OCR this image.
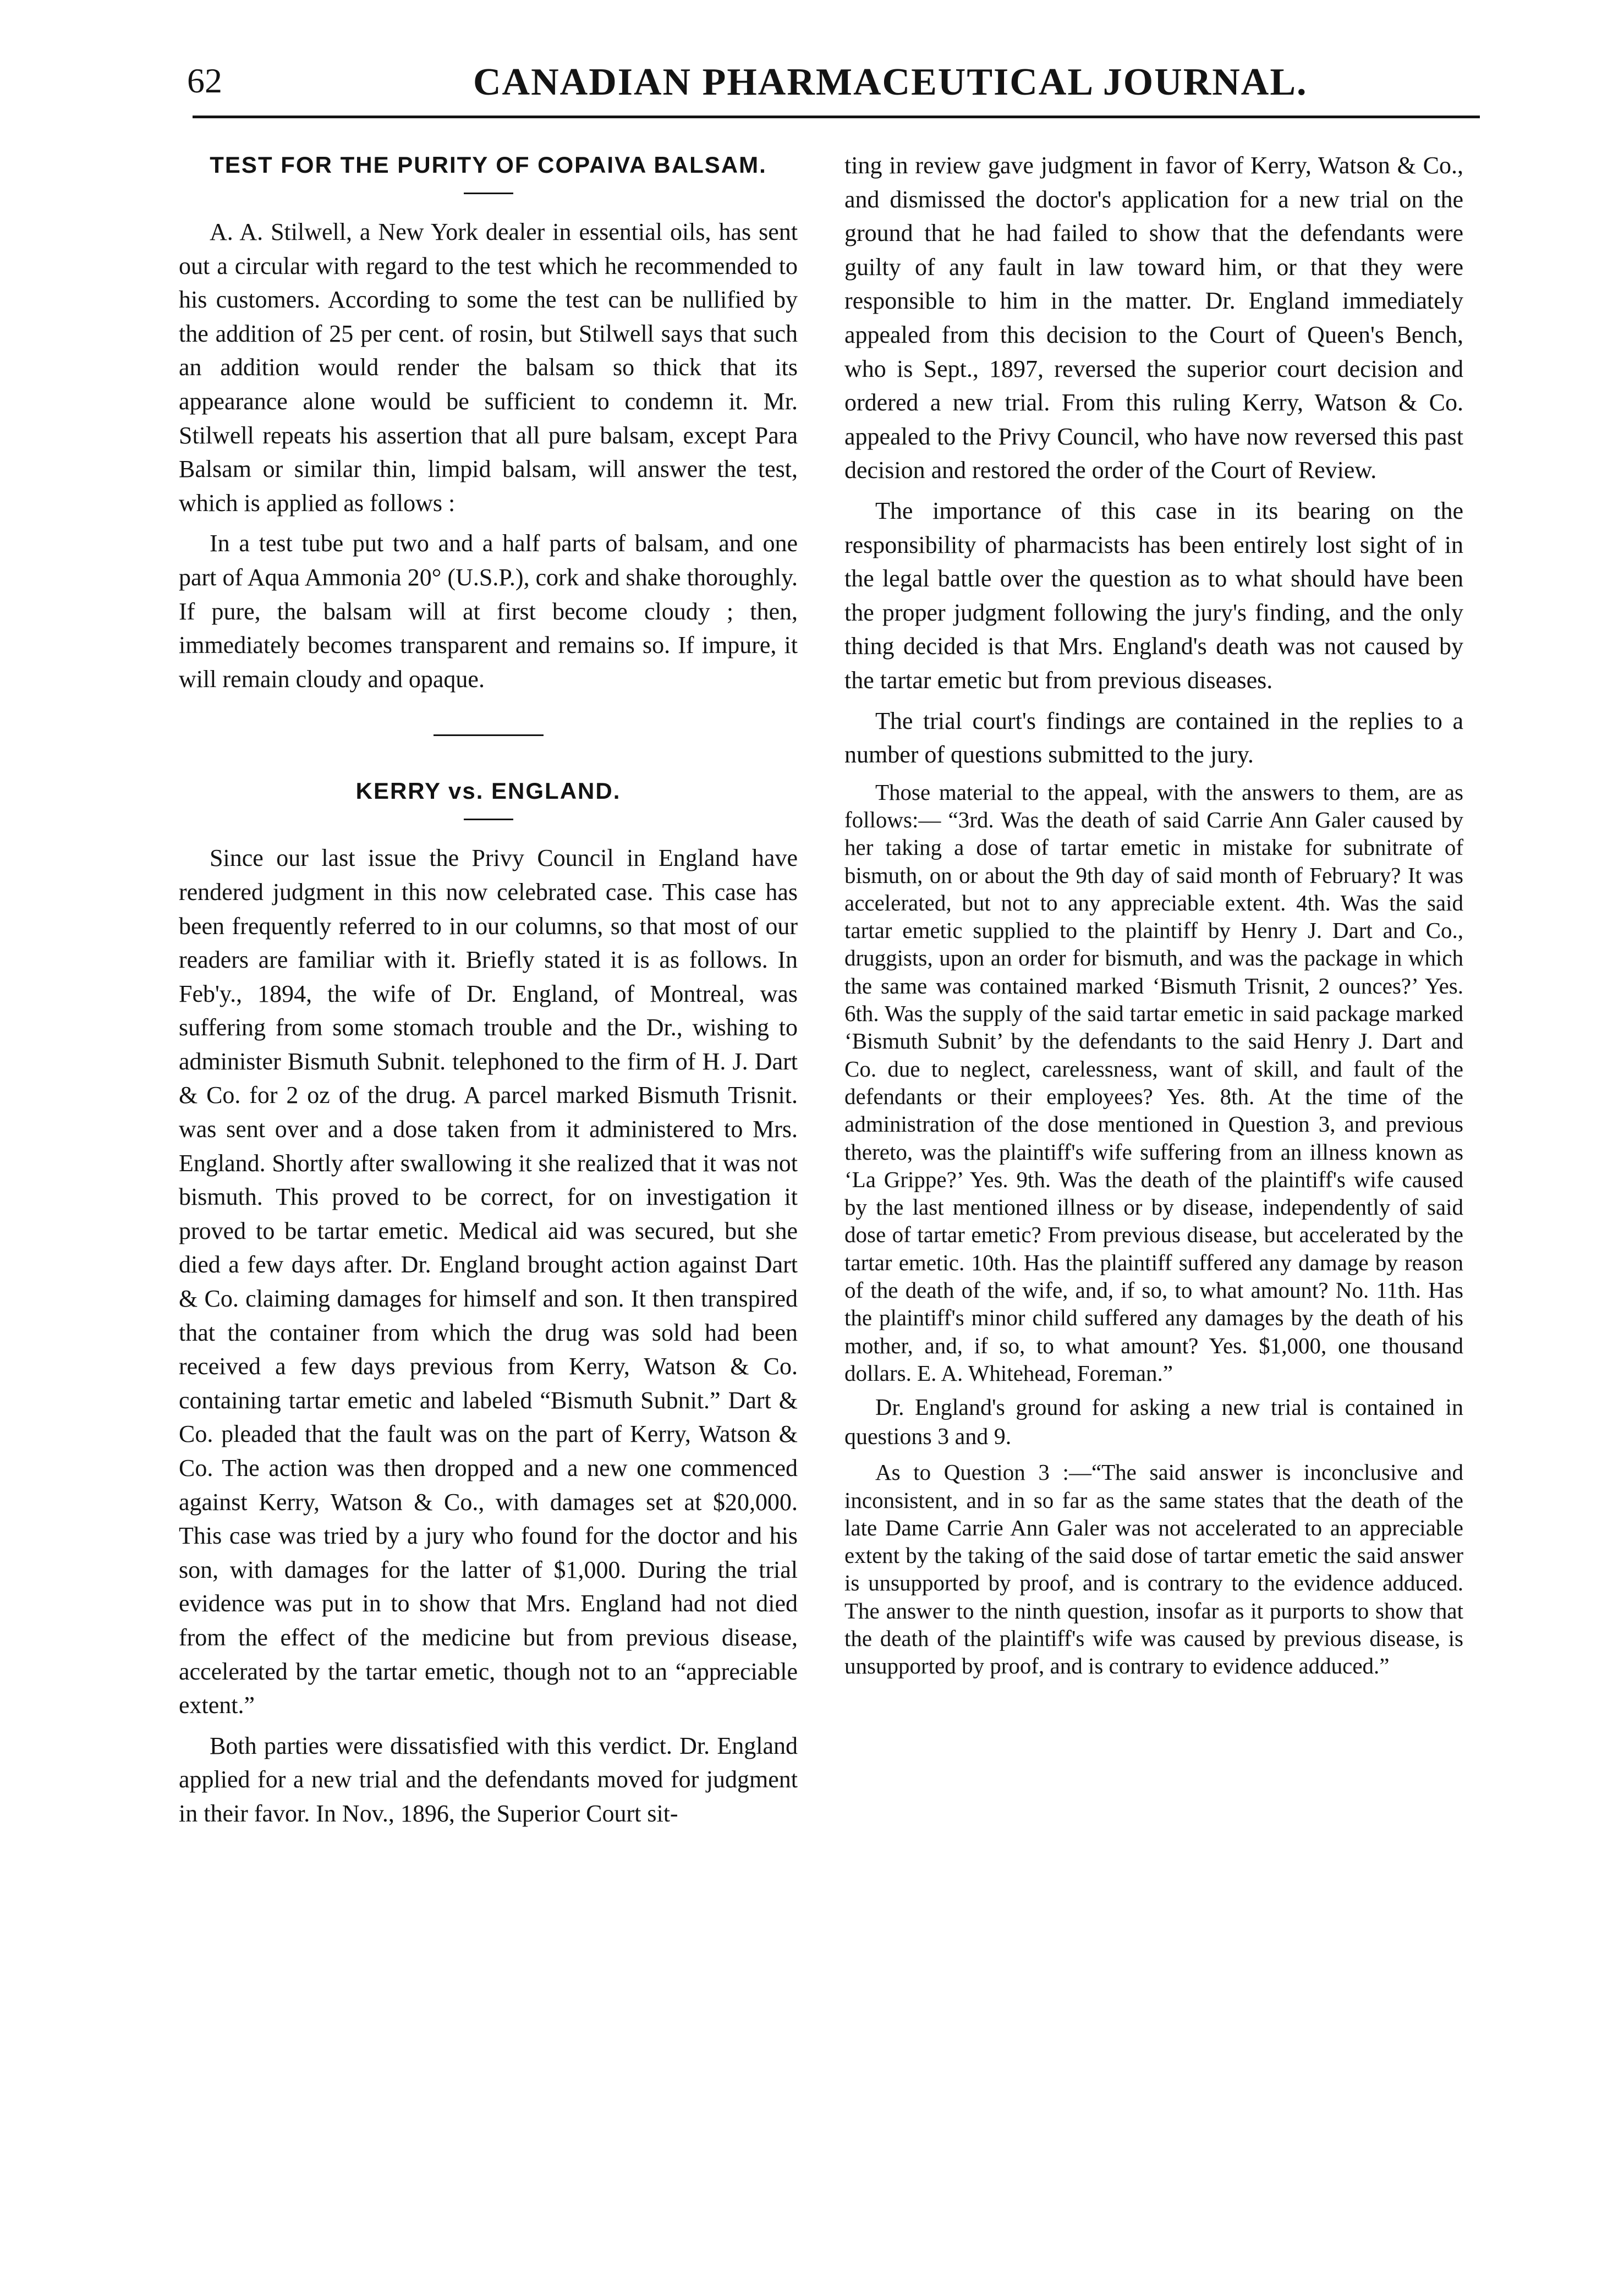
62	CANADIAN PHARMACEUTICAL JOURNAL.
TEST FOR THE PURITY OF COPAIVA BALSAM.

A. A. Stilwell, a New York dealer in essential oils, has sent out a circular with regard to the test which he recommended to his customers. According to some the test can be nullified by the addition of 25 per cent. of rosin, but Stilwell says that such an addition would render the balsam so thick that its appearance alone would be sufficient to condemn it. Mr. Stilwell repeats his assertion that all pure balsam, except Para Balsam or similar thin, limpid balsam, will answer the test, which is applied as follows :

In a test tube put two and a half parts of balsam, and one part of Aqua Ammonia 20° (U.S.P.), cork and shake thoroughly. If pure, the balsam will at first become cloudy ; then, immediately becomes transparent and remains so. If impure, it will remain cloudy and opaque.

KERRY vs. ENGLAND.

Since our last issue the Privy Council in England have rendered judgment in this now celebrated case. This case has been frequently referred to in our columns, so that most of our readers are familiar with it. Briefly stated it is as follows. In Feb'y., 1894, the wife of Dr. England, of Montreal, was suffering from some stomach trouble and the Dr., wishing to administer Bismuth Subnit. telephoned to the firm of H. J. Dart & Co. for 2 oz of the drug. A parcel marked Bismuth Trisnit. was sent over and a dose taken from it administered to Mrs. England. Shortly after swallowing it she realized that it was not bismuth. This proved to be correct, for on investigation it proved to be tartar emetic. Medical aid was secured, but she died a few days after. Dr. England brought action against Dart & Co. claiming damages for himself and son. It then transpired that the container from which the drug was sold had been received a few days previous from Kerry, Watson & Co. containing tartar emetic and labeled “Bismuth Subnit.” Dart & Co. pleaded that the fault was on the part of Kerry, Watson & Co. The action was then dropped and a new one commenced against Kerry, Watson & Co., with damages set at $20,000. This case was tried by a jury who found for the doctor and his son, with damages for the latter of $1,000. During the trial evidence was put in to show that Mrs. England had not died from the effect of the medicine but from previous disease, accelerated by the tartar emetic, though not to an “appreciable extent.”

Both parties were dissatisfied with this verdict. Dr. England applied for a new trial and the defendants moved for judgment in their favor. In Nov., 1896, the Superior Court sit-

ting in review gave judgment in favor of Kerry, Watson & Co., and dismissed the doctor's application for a new trial on the ground that he had failed to show that the defendants were guilty of any fault in law toward him, or that they were responsible to him in the matter. Dr. England immediately appealed from this decision to the Court of Queen's Bench, who is Sept., 1897, reversed the superior court decision and ordered a new trial. From this ruling Kerry, Watson & Co. appealed to the Privy Council, who have now reversed this past decision and restored the order of the Court of Review.

The importance of this case in its bearing on the responsibility of pharmacists has been entirely lost sight of in the legal battle over the question as to what should have been the proper judgment following the jury's finding, and the only thing decided is that Mrs. England's death was not caused by the tartar emetic but from previous diseases.

The trial court's findings are contained in the replies to a number of questions submitted to the jury.

Those material to the appeal, with the answers to them, are as follows:— “3rd. Was the death of said Carrie Ann Galer caused by her taking a dose of tartar emetic in mistake for subnitrate of bismuth, on or about the 9th day of said month of February? It was accelerated, but not to any appreciable extent. 4th. Was the said tartar emetic supplied to the plaintiff by Henry J. Dart and Co., druggists, upon an order for bismuth, and was the package in which the same was contained marked ‘Bismuth Trisnit, 2 ounces?’ Yes. 6th. Was the supply of the said tartar emetic in said package marked ‘Bismuth Subnit’ by the defendants to the said Henry J. Dart and Co. due to neglect, carelessness, want of skill, and fault of the defendants or their employees? Yes. 8th. At the time of the administration of the dose mentioned in Question 3, and previous thereto, was the plaintiff's wife suffering from an illness known as ‘La Grippe?’ Yes. 9th. Was the death of the plaintiff's wife caused by the last mentioned illness or by disease, independently of said dose of tartar emetic? From previous disease, but accelerated by the tartar emetic. 10th. Has the plaintiff suffered any damage by reason of the death of the wife, and, if so, to what amount? No. 11th. Has the plaintiff's minor child suffered any damages by the death of his mother, and, if so, to what amount? Yes. $1,000, one thousand dollars. E. A. Whitehead, Foreman.”

Dr. England's ground for asking a new trial is contained in questions 3 and 9.

As to Question 3 :—“The said answer is inconclusive and inconsistent, and in so far as the same states that the death of the late Dame Carrie Ann Galer was not accelerated to an appreciable extent by the taking of the said dose of tartar emetic the said answer is unsupported by proof, and is contrary to the evidence adduced. The answer to the ninth question, insofar as it purports to show that the death of the plaintiff's wife was caused by previous disease, is unsupported by proof, and is contrary to evidence adduced.”
